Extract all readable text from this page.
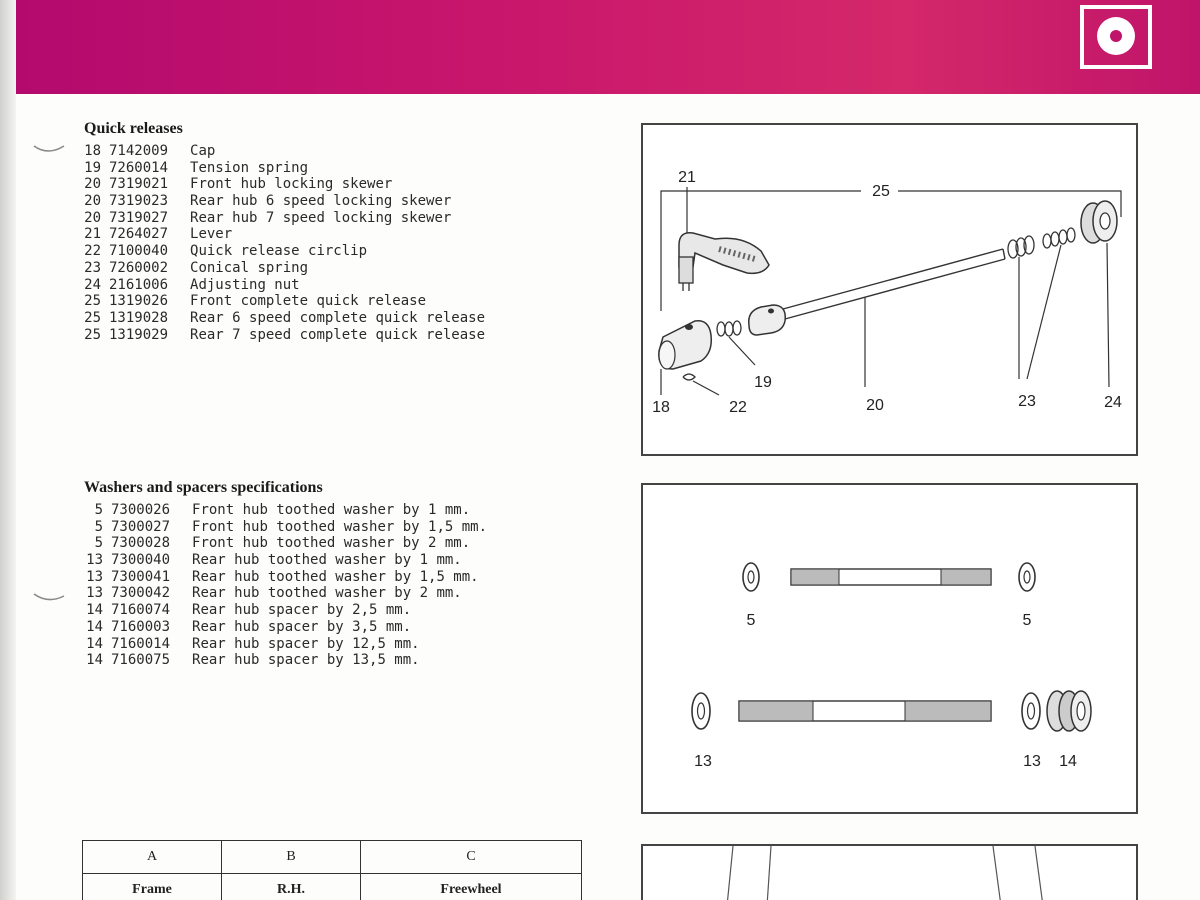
Quick releases
18 7142009 Cap
19 7260014 Tension spring
20 7319021 Front hub locking skewer
20 7319023 Rear hub 6 speed locking skewer
20 7319027 Rear hub 7 speed locking skewer
21 7264027 Lever
22 7100040 Quick release circlip
23 7260002 Conical spring
24 2161006 Adjusting nut
25 1319026 Front complete quick release
25 1319028 Rear 6 speed complete quick release
25 1319029 Rear 7 speed complete quick release
Washers and spacers specifications
5 7300026 Front hub toothed washer by 1 mm.
5 7300027 Front hub toothed washer by 1,5 mm.
5 7300028 Front hub toothed washer by 2 mm.
13 7300040 Rear hub toothed washer by 1 mm.
13 7300041 Rear hub toothed washer by 1,5 mm.
13 7300042 Rear hub toothed washer by 2 mm.
14 7160074 Rear hub spacer by 2,5 mm.
14 7160003 Rear hub spacer by 3,5 mm.
14 7160014 Rear hub spacer by 12,5 mm.
14 7160075 Rear hub spacer by 13,5 mm.
25
21
18	22
19
20	23	24
5	5
13	13 14
A	B	C
Frame	R.H.	Freewheel
